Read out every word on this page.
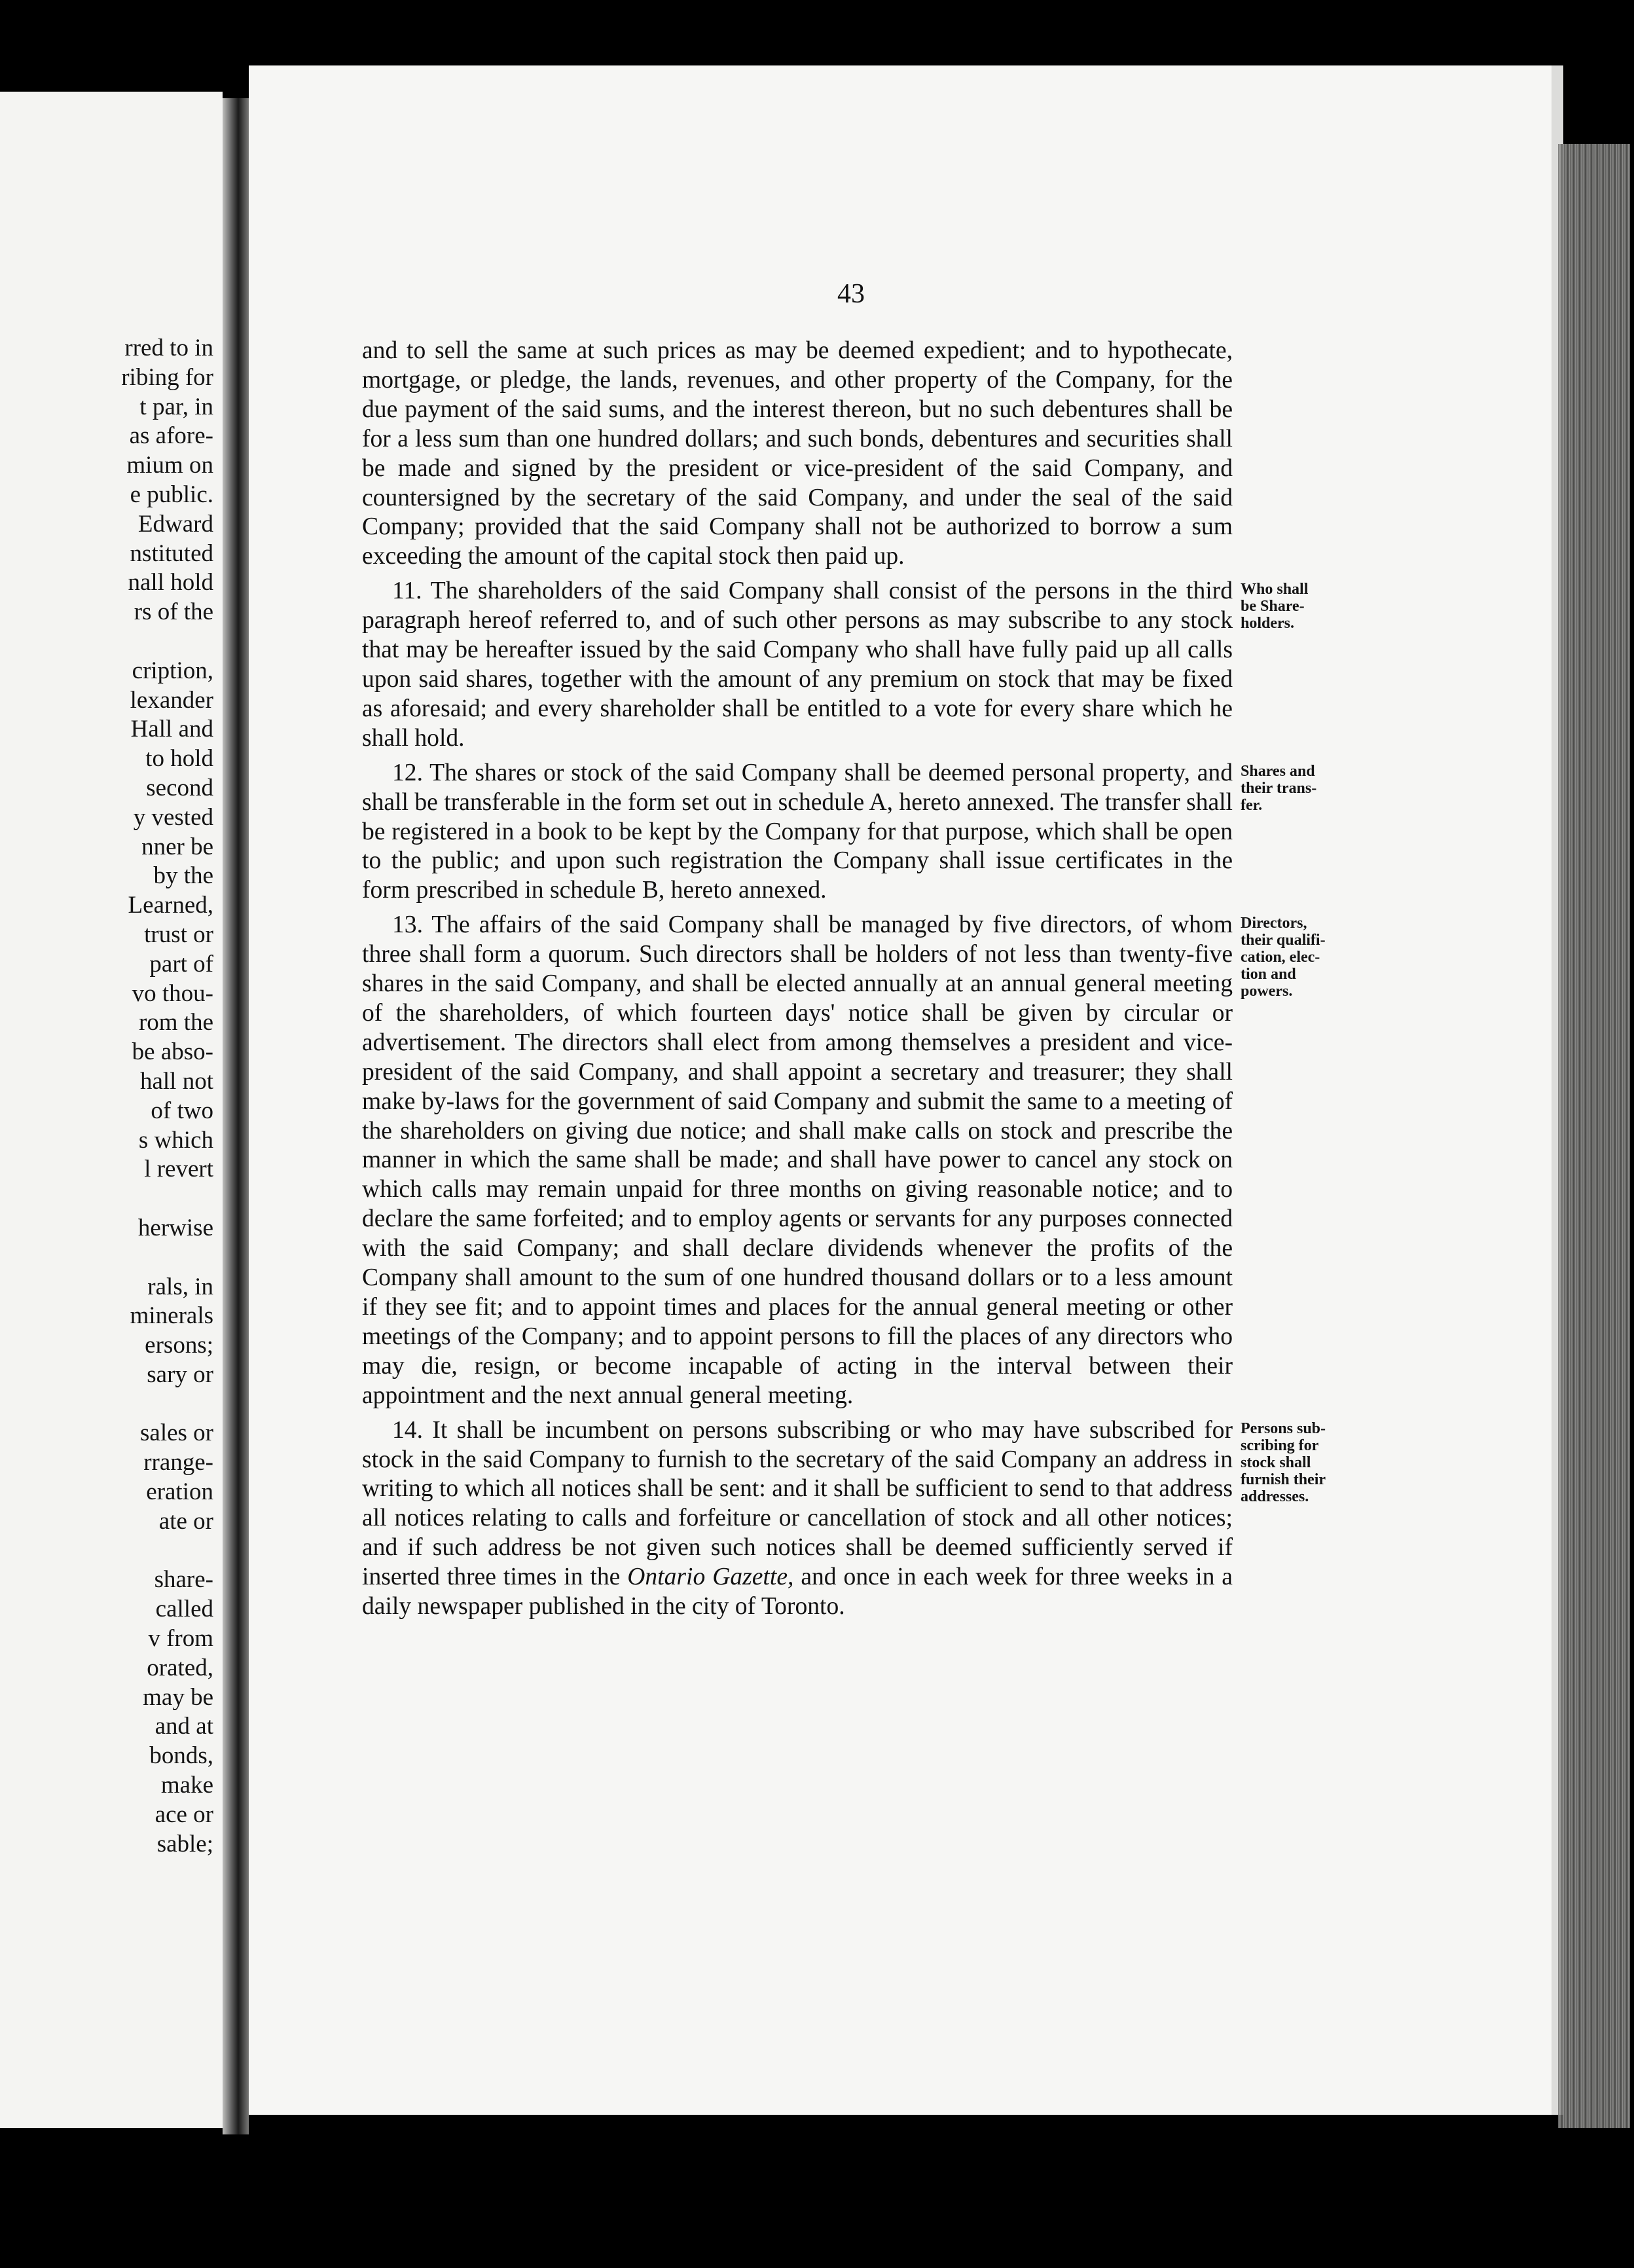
rred to in
ribing for
t par, in
as afore-
mium on
e public.
Edward
nstituted
nall hold
rs of the
cription,
lexander
Hall and
to hold
second
y vested
nner be
by the
Learned,
trust or
part of
vo thou-
rom the
be abso-
hall not
of two
s which
l revert
herwise
rals, in
minerals
ersons;
sary or
sales or
rrange-
eration
ate or
share-
called
v from
orated,
may be
and at
bonds,
make
ace or
sable;
43

and to sell the same at such prices as may be deemed expedient; and to hypothecate, mortgage, or pledge, the lands, revenues, and other property of the Company, for the due payment of the said sums, and the interest thereon, but no such debentures shall be for a less sum than one hundred dollars; and such bonds, debentures and securities shall be made and signed by the president or vice-president of the said Company, and countersigned by the secretary of the said Company, and under the seal of the said Company; provided that the said Company shall not be authorized to borrow a sum exceeding the amount of the capital stock then paid up.

11. The shareholders of the said Company shall consist of the persons in the third paragraph hereof referred to, and of such other persons as may subscribe to any stock that may be hereafter issued by the said Company who shall have fully paid up all calls upon said shares, together with the amount of any premium on stock that may be fixed as aforesaid; and every shareholder shall be entitled to a vote for every share which he shall hold.

12. The shares or stock of the said Company shall be deemed personal property, and shall be transferable in the form set out in schedule A, hereto annexed. The transfer shall be registered in a book to be kept by the Company for that purpose, which shall be open to the public; and upon such registration the Company shall issue certificates in the form prescribed in schedule B, hereto annexed.

13. The affairs of the said Company shall be managed by five directors, of whom three shall form a quorum. Such directors shall be holders of not less than twenty-five shares in the said Company, and shall be elected annually at an annual general meeting of the shareholders, of which fourteen days' notice shall be given by circular or advertisement. The directors shall elect from among themselves a president and vice-president of the said Company, and shall appoint a secretary and treasurer; they shall make by-laws for the government of said Company and submit the same to a meeting of the shareholders on giving due notice; and shall make calls on stock and prescribe the manner in which the same shall be made; and shall have power to cancel any stock on which calls may remain unpaid for three months on giving reasonable notice; and to declare the same forfeited; and to employ agents or servants for any purposes connected with the said Company; and shall declare dividends whenever the profits of the Company shall amount to the sum of one hundred thousand dollars or to a less amount if they see fit; and to appoint times and places for the annual general meeting or other meetings of the Company; and to appoint persons to fill the places of any directors who may die, resign, or become incapable of acting in the interval between their appointment and the next annual general meeting.

14. It shall be incumbent on persons subscribing or who may have subscribed for stock in the said Company to furnish to the secretary of the said Company an address in writing to which all notices shall be sent: and it shall be sufficient to send to that address all notices relating to calls and forfeiture or cancellation of stock and all other notices; and if such address be not given such notices shall be deemed sufficiently served if inserted three times in the Ontario Gazette, and once in each week for three weeks in a daily newspaper published in the city of Toronto.

Who shall
be Share-
holders.
Shares and
their trans-
fer.
Directors,
their qualifi-
cation, elec-
tion and
powers.
Persons sub-
scribing for
stock shall
furnish their
addresses.
